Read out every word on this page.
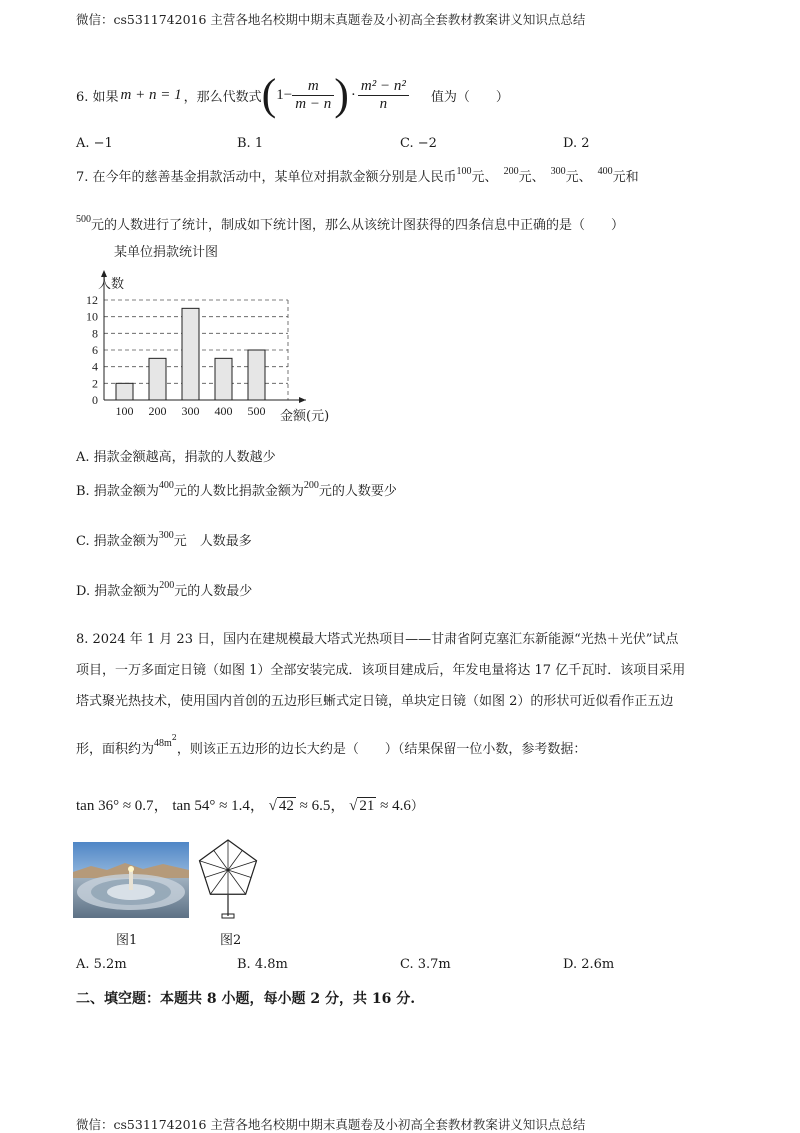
微信：cs5311742016 主营各地名校期中期末真题卷及小初高全套教材教案讲义知识点总结
6. 如果 m + n = 1 ，那么代数式 ( $1- \frac{m}{m - n}$ ) · $\frac{\text{m² − n²}}{n}$ 值为（　　）
A. −1	B. 1	C. −2	D. 2
7. 在今年的慈善基金捐款活动中，某单位对捐款金额分别是人民币$^{100}$元、 $^{200}$元、 $^{300}$元、 $^{400}$元和
$^{500}$元的人数进行了统计，制成如下统计图，那么从该统计图获得的四条信息中正确的是（　　）
某单位捐款统计图
人数
0
2
4
6
8
10
12
100 200 300 400 500 金额(元)
A. 捐款金额越高，捐款的人数越少
B. 捐款金额为$^{400}$元的人数比捐款金额为$^{200}$元的人数要少
C. 捐款金额为$^{300}$元　人数最多
D. 捐款金额为$^{200}$元的人数最少
8. 2024 年 1 月 23 日，国内在建规模最大塔式光热项目——甘肃省阿克塞汇东新能源“光热＋光伏”试点
项目，一万多面定日镜（如图 1）全部安装完成．该项目建成后，年发电量将达 17 亿千瓦时．该项目采用
塔式聚光热技术，使用国内首创的五边形巨蜥式定日镜，单块定日镜（如图 2）的形状可近似看作正五边
形，面积约为$^{48m2}$，则该正五边形的边长大约是（　　）（结果保留一位小数，参考数据：
tan 36° ≈ 0.7， tan 54° ≈ 1.4， √ 42 ≈ 6.5， √ 21 ≈ 4.6）
图1	图2
A. 5.2m	B. 4.8m	C. 3.7m	D. 2.6m
二、填空题：本题共 8 小题，每小题 2 分，共 16 分.
微信：cs5311742016 主营各地名校期中期末真题卷及小初高全套教材教案讲义知识点总结
